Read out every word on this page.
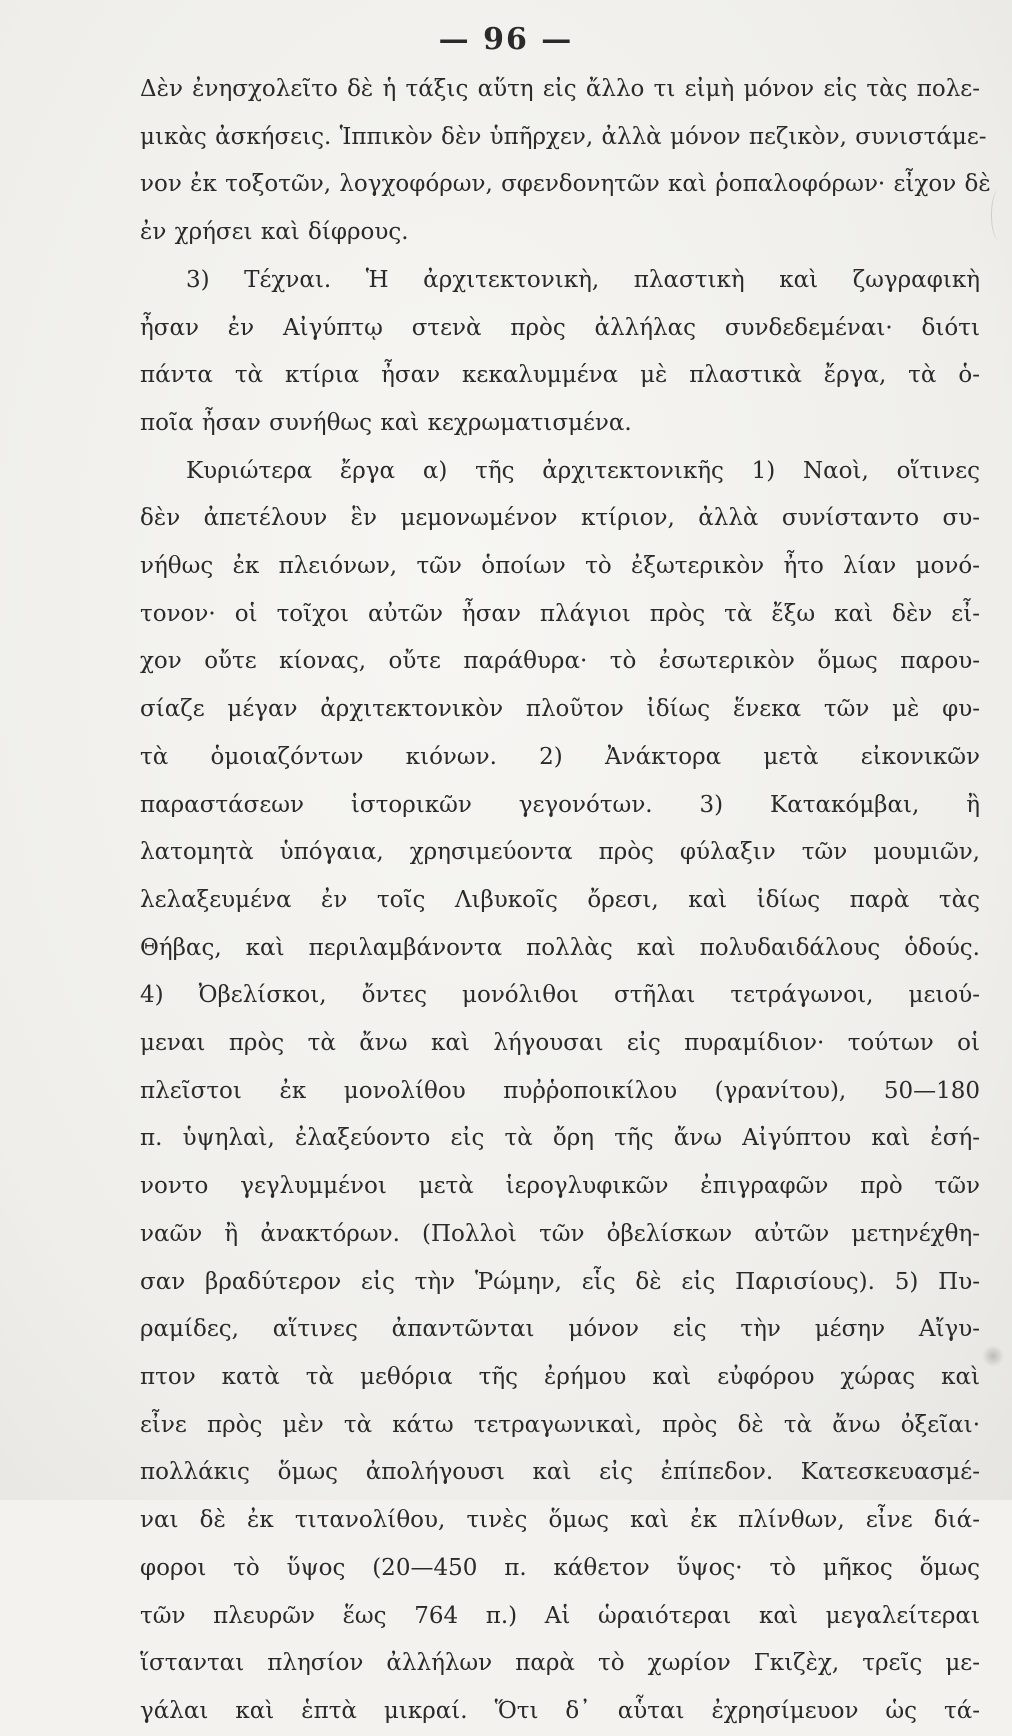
— 96 —
Δὲν ἐνησχολεῖτο δὲ ἡ τάξις αὕτη εἰς ἄλλο τι εἰμὴ μόνον εἰς τὰς πολε-
μικὰς ἀσκήσεις. Ἱππικὸν δὲν ὑπῆρχεν, ἀλλὰ μόνον πεζικὸν, συνιστάμε-
νον ἐκ τοξοτῶν, λογχοφόρων, σφενδονητῶν καὶ ῥοπαλοφόρων· εἶχον δὲ
ἐν χρήσει καὶ δίφρους.
3) Τέχναι. Ἡ ἀρχιτεκτονικὴ, πλαστικὴ καὶ ζωγραφικὴ
ἦσαν ἐν Αἰγύπτῳ στενὰ πρὸς ἀλλήλας συνδεδεμέναι· διότι
πάντα τὰ κτίρια ἦσαν κεκαλυμμένα μὲ πλαστικὰ ἔργα, τὰ ὁ-
ποῖα ἦσαν συνήθως καὶ κεχρωματισμένα.
Κυριώτερα ἔργα α) τῆς ἀρχιτεκτονικῆς 1) Ναοὶ, οἵτινες
δὲν ἀπετέλουν ἓν μεμονωμένον κτίριον, ἀλλὰ συνίσταντο συ-
νήθως ἐκ πλειόνων, τῶν ὁποίων τὸ ἐξωτερικὸν ἦτο λίαν μονό-
τονον· οἱ τοῖχοι αὐτῶν ἦσαν πλάγιοι πρὸς τὰ ἔξω καὶ δὲν εἶ-
χον οὔτε κίονας, οὔτε παράθυρα· τὸ ἐσωτερικὸν ὅμως παρου-
σίαζε μέγαν ἀρχιτεκτονικὸν πλοῦτον ἰδίως ἕνεκα τῶν μὲ φυ-
τὰ ὁμοιαζόντων κιόνων. 2) Ἀνάκτορα μετὰ εἰκονικῶν
παραστάσεων ἱστορικῶν γεγονότων. 3) Κατακόμβαι, ἢ
λατομητὰ ὑπόγαια, χρησιμεύοντα πρὸς φύλαξιν τῶν μουμιῶν,
λελαξευμένα ἐν τοῖς Λιβυκοῖς ὄρεσι, καὶ ἰδίως παρὰ τὰς
Θήβας, καὶ περιλαμβάνοντα πολλὰς καὶ πολυδαιδάλους ὁδούς.
4) Ὀβελίσκοι, ὄντες μονόλιθοι στῆλαι τετράγωνοι, μειού-
μεναι πρὸς τὰ ἄνω καὶ λήγουσαι εἰς πυραμίδιον· τούτων οἱ
πλεῖστοι ἐκ μονολίθου πυῤῥοποικίλου (γρανίτου), 50—180
π. ὑψηλαὶ, ἐλαξεύοντο εἰς τὰ ὄρη τῆς ἄνω Αἰγύπτου καὶ ἐσή-
νοντο γεγλυμμένοι μετὰ ἱερογλυφικῶν ἐπιγραφῶν πρὸ τῶν
ναῶν ἢ ἀνακτόρων. (Πολλοὶ τῶν ὀβελίσκων αὐτῶν μετηνέχθη-
σαν βραδύτερον εἰς τὴν Ῥώμην, εἷς δὲ εἰς Παρισίους). 5) Πυ-
ραμίδες, αἵτινες ἀπαντῶνται μόνον εἰς τὴν μέσην Αἴγυ-
πτον κατὰ τὰ μεθόρια τῆς ἐρήμου καὶ εὐφόρου χώρας καὶ
εἶνε πρὸς μὲν τὰ κάτω τετραγωνικαὶ, πρὸς δὲ τὰ ἄνω ὀξεῖαι·
πολλάκις ὅμως ἀπολήγουσι καὶ εἰς ἐπίπεδον. Κατεσκευασμέ-
ναι δὲ ἐκ τιτανολίθου, τινὲς ὅμως καὶ ἐκ πλίνθων, εἶνε διά-
φοροι τὸ ὕψος (20—450 π. κάθετον ὕψος· τὸ μῆκος ὅμως
τῶν πλευρῶν ἕως 764 π.) Αἱ ὡραιότεραι καὶ μεγαλείτεραι
ἵστανται πλησίον ἀλλήλων παρὰ τὸ χωρίον Γκιζὲχ, τρεῖς με-
γάλαι καὶ ἑπτὰ μικραί. Ὅτι δ᾽ αὗται ἐχρησίμευον ὡς τά-
